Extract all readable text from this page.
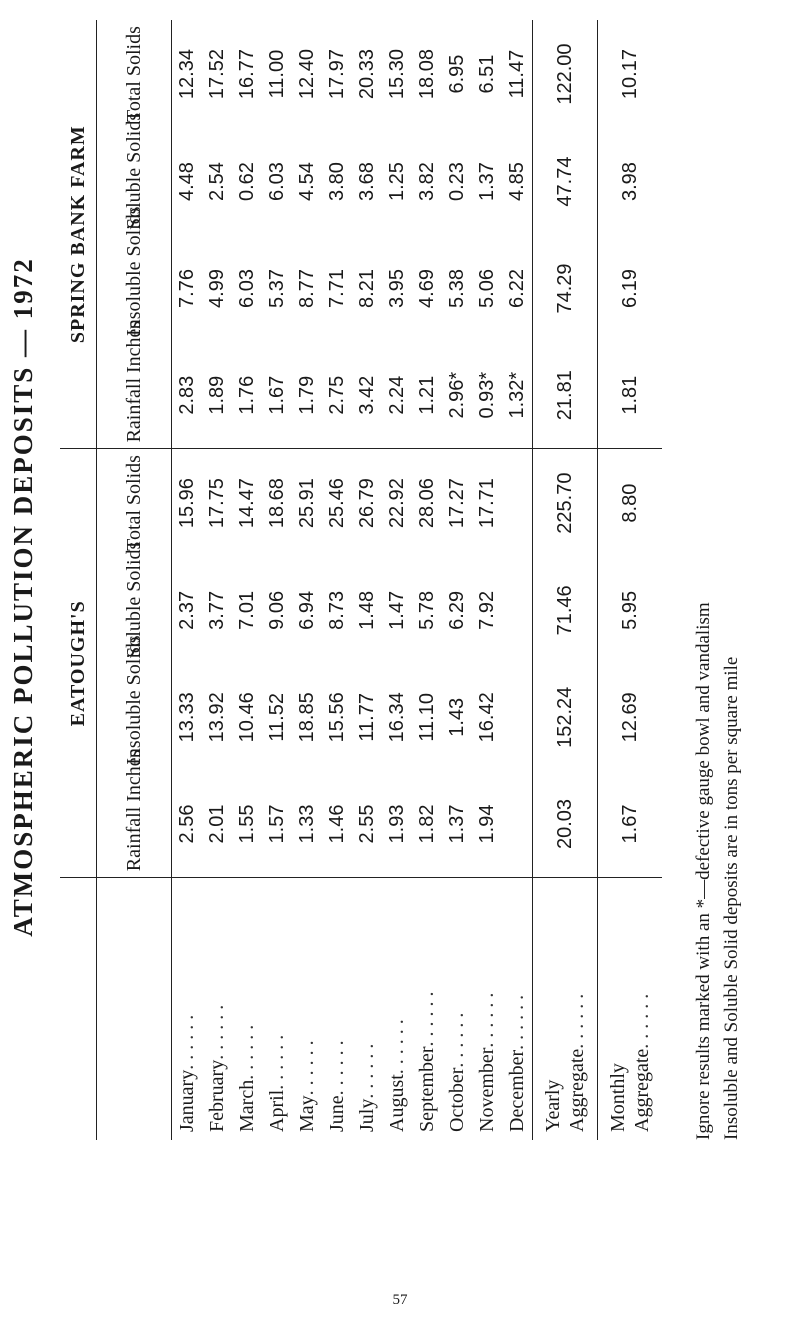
ATMOSPHERIC POLLUTION DEPOSITS — 1972
	EATOUGH'S				SPRING BANK FARM			
	Rainfall Inches	Insoluble Solids	Soluble Solids	Total Solids	Rainfall Inches	Insoluble Solids	Soluble Solids	Total Solids
January......	2.56	13.33	2.37	15.96	2.83	7.76	4.48	12.34
February......	2.01	13.92	3.77	17.75	1.89	4.99	2.54	17.52
March......	1.55	10.46	7.01	14.47	1.76	6.03	0.62	16.77
April......	1.57	11.52	9.06	18.68	1.67	5.37	6.03	11.00
May......	1.33	18.85	6.94	25.91	1.79	8.77	4.54	12.40
June......	1.46	15.56	8.73	25.46	2.75	7.71	3.80	17.97
July......	2.55	11.77	1.48	26.79	3.42	8.21	3.68	20.33
August......	1.93	16.34	1.47	22.92	2.24	3.95	1.25	15.30
September......	1.82	11.10	5.78	28.06	1.21	4.69	3.82	18.08
October......	1.37	1.43	6.29	17.27	2.96*	5.38	0.23	6.95
November......	1.94	16.42	7.92	17.71	0.93*	5.06	1.37	6.51
December......					1.32*	6.22	4.85	11.47
Yearly Aggregate......	20.03	152.24	71.46	225.70	21.81	74.29	47.74	122.00
Monthly Aggregate......	1.67	12.69	5.95	8.80	1.81	6.19	3.98	10.17
Ignore results marked with an *—defective gauge bowl and vandalism Insoluble and Soluble Solid deposits are in tons per square mile
57
